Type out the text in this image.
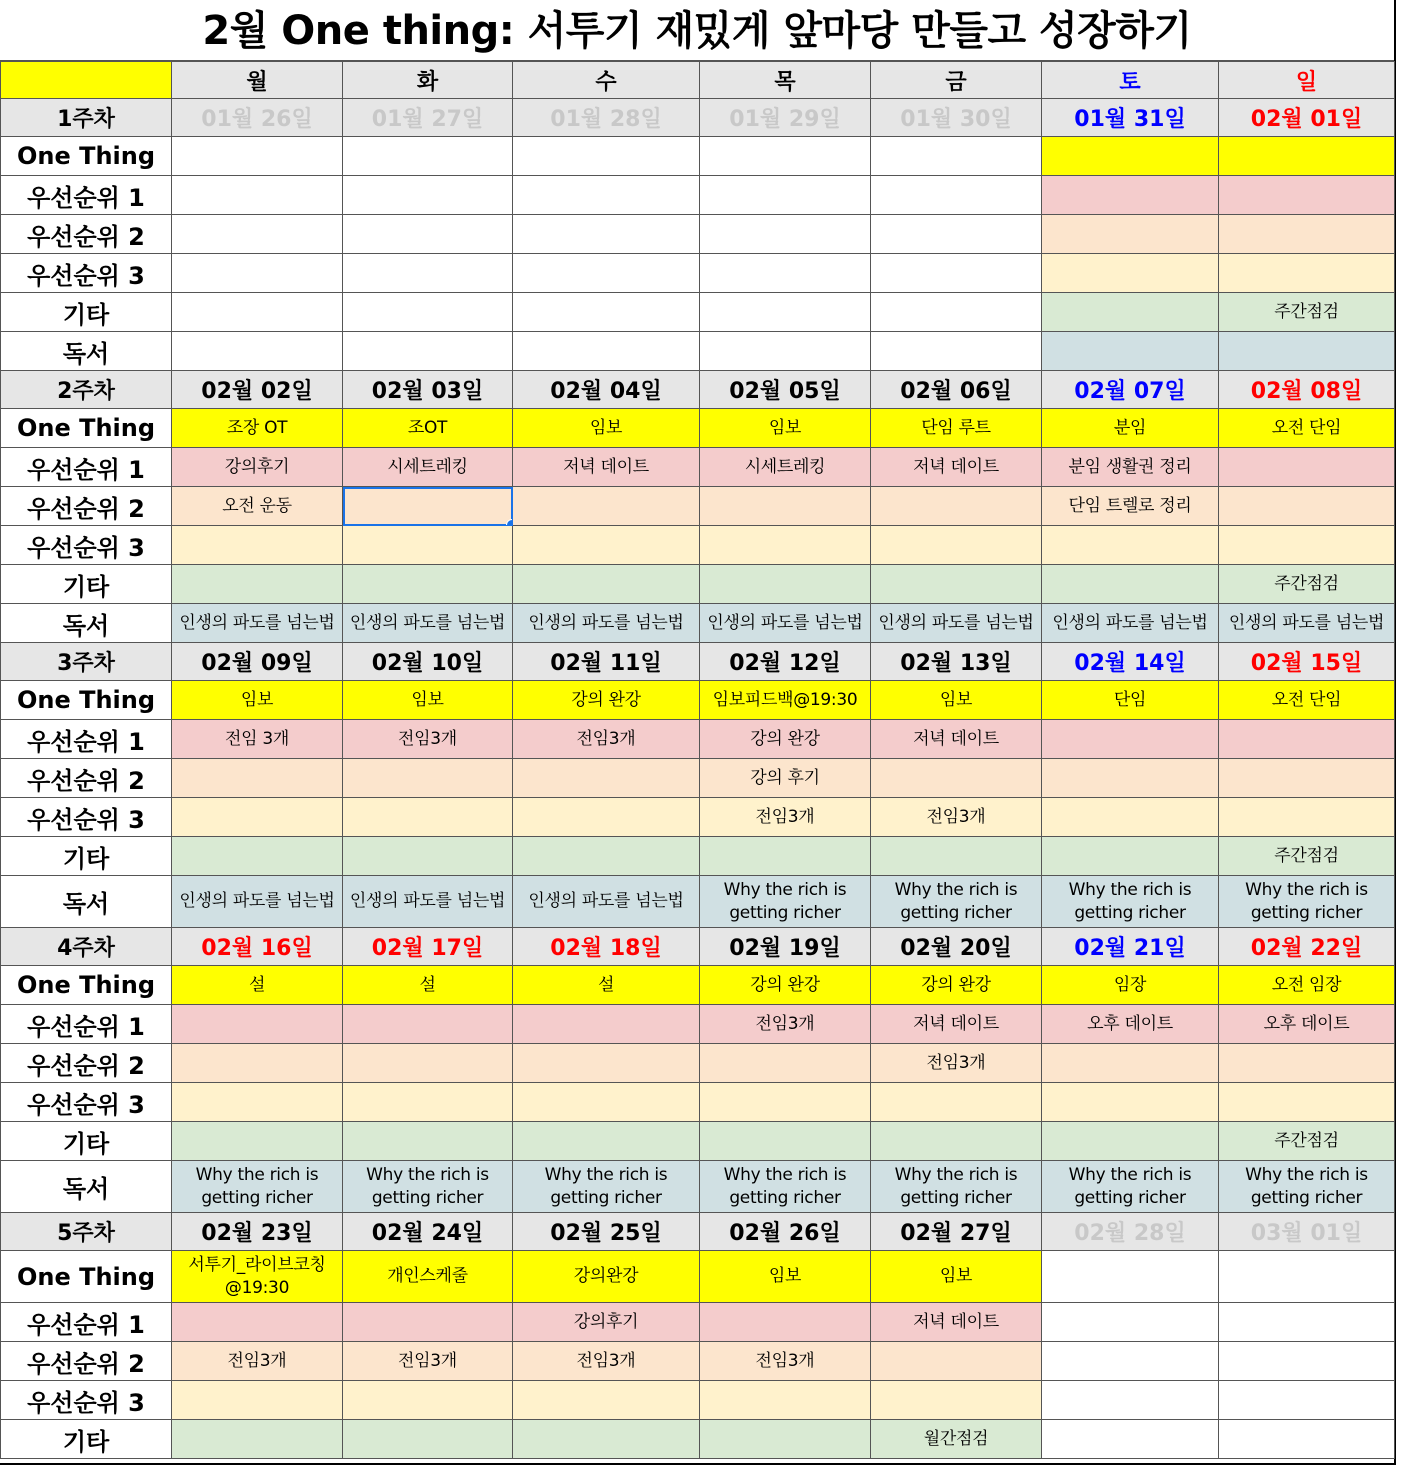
2월 One thing: 서투기 재밌게 앞마당 만들고 성장하기
	월	화	수	목	금	토	일
1주차	01월 26일	01월 27일	01월 28일	01월 29일	01월 30일	01월 31일	02월 01일
One Thing							
우선순위 1							
우선순위 2							
우선순위 3							
기타							주간점검
독서							
2주차	02월 02일	02월 03일	02월 04일	02월 05일	02월 06일	02월 07일	02월 08일
One Thing	조장 OT	조OT	임보	임보	단임 루트	분임	오전 단임
우선순위 1	강의후기	시세트레킹	저녁 데이트	시세트레킹	저녁 데이트	분임 생활권 정리	
우선순위 2	오전 운동					단임 트렐로 정리	
우선순위 3							
기타							주간점검
독서	인생의 파도를 넘는법	인생의 파도를 넘는법	인생의 파도를 넘는법	인생의 파도를 넘는법	인생의 파도를 넘는법	인생의 파도를 넘는법	인생의 파도를 넘는법
3주차	02월 09일	02월 10일	02월 11일	02월 12일	02월 13일	02월 14일	02월 15일
One Thing	임보	임보	강의 완강	임보피드백@19:30	임보	단임	오전 단임
우선순위 1	전임 3개	전임3개	전임3개	강의 완강	저녁 데이트		
우선순위 2				강의 후기			
우선순위 3				전임3개	전임3개		
기타							주간점검
독서	인생의 파도를 넘는법	인생의 파도를 넘는법	인생의 파도를 넘는법	Why the rich is getting richer	Why the rich is getting richer	Why the rich is getting richer	Why the rich is getting richer
4주차	02월 16일	02월 17일	02월 18일	02월 19일	02월 20일	02월 21일	02월 22일
One Thing	설	설	설	강의 완강	강의 완강	임장	오전 임장
우선순위 1				전임3개	저녁 데이트	오후 데이트	오후 데이트
우선순위 2					전임3개		
우선순위 3							
기타							주간점검
독서	Why the rich is getting richer	Why the rich is getting richer	Why the rich is getting richer	Why the rich is getting richer	Why the rich is getting richer	Why the rich is getting richer	Why the rich is getting richer
5주차	02월 23일	02월 24일	02월 25일	02월 26일	02월 27일	02월 28일	03월 01일
One Thing	서투기_라이브코칭 @19:30	개인스케줄	강의완강	임보	임보		
우선순위 1			강의후기		저녁 데이트		
우선순위 2	전임3개	전임3개	전임3개	전임3개			
우선순위 3							
기타					월간점검		
